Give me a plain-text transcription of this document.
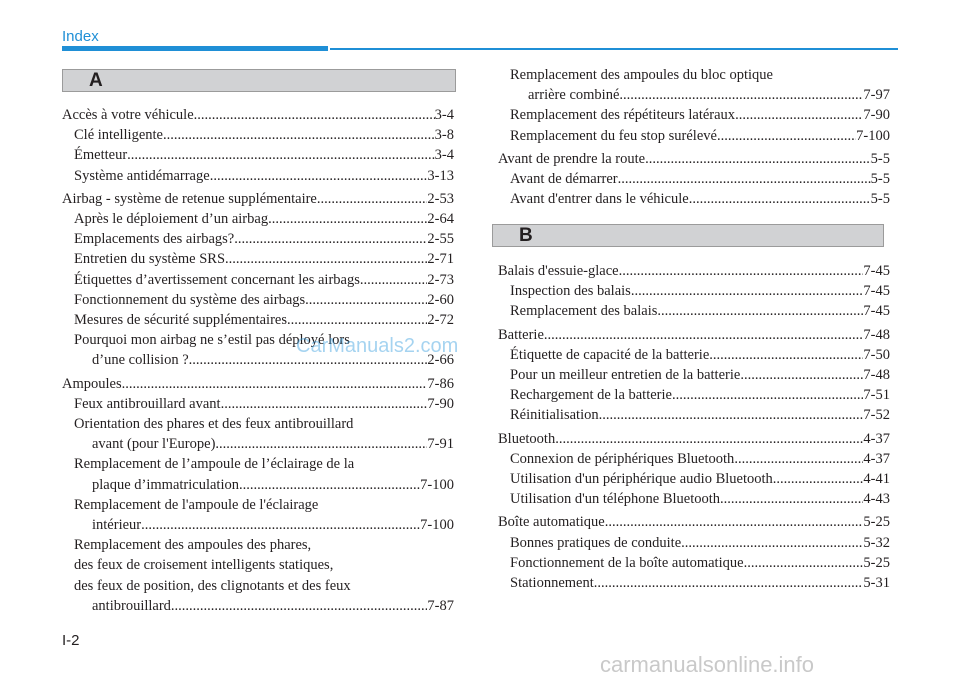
Index
A
Accès à votre véhicule .....	3-4
Clé intelligente .....	3-8
Émetteur .....	3-4
Système antidémarrage .....	3-13
Airbag - système de retenue supplémentaire .....	2-53
Après le déploiement d’un airbag .....	2-64
Emplacements des airbags? .....	2-55
Entretien du système SRS .....	2-71
Étiquettes d’avertissement concernant les airbags .....	2-73
Fonctionnement du système des airbags .....	2-60
Mesures de sécurité supplémentaires .....	2-72
Pourquoi mon airbag ne s’estil pas déployé lors
d’une collision ? .....	2-66
Ampoules .....	7-86
Feux antibrouillard avant .....	7-90
Orientation des phares et des feux antibrouillard
avant (pour l'Europe) .....	7-91
Remplacement de l’ampoule de l’éclairage de la
plaque d’immatriculation .....	7-100
Remplacement de l'ampoule de l'éclairage
intérieur .....	7-100
Remplacement des ampoules des phares,
des feux de croisement intelligents statiques,
des feux de position, des clignotants et des feux
antibrouillard .....	7-87
Remplacement des ampoules du bloc optique
arrière combiné .....	7-97
Remplacement des répétiteurs latéraux .....	7-90
Remplacement du feu stop surélevé .....	7-100
Avant de prendre la route .....	5-5
Avant de démarrer .....	5-5
Avant d'entrer dans le véhicule .....	5-5
B
Balais d'essuie-glace .....	7-45
Inspection des balais .....	7-45
Remplacement des balais .....	7-45
Batterie .....	7-48
Étiquette de capacité de la batterie .....	7-50
Pour un meilleur entretien de la batterie .....	7-48
Rechargement de la batterie .....	7-51
Réinitialisation .....	7-52
Bluetooth .....	4-37
Connexion de périphériques Bluetooth .....	4-37
Utilisation d'un périphérique audio Bluetooth .....	4-41
Utilisation d'un téléphone Bluetooth .....	4-43
Boîte automatique .....	5-25
Bonnes pratiques de conduite .....	5-32
Fonctionnement de la boîte automatique .....	5-25
Stationnement .....	5-31
CarManuals2.com
I-2
carmanualsonline.info
